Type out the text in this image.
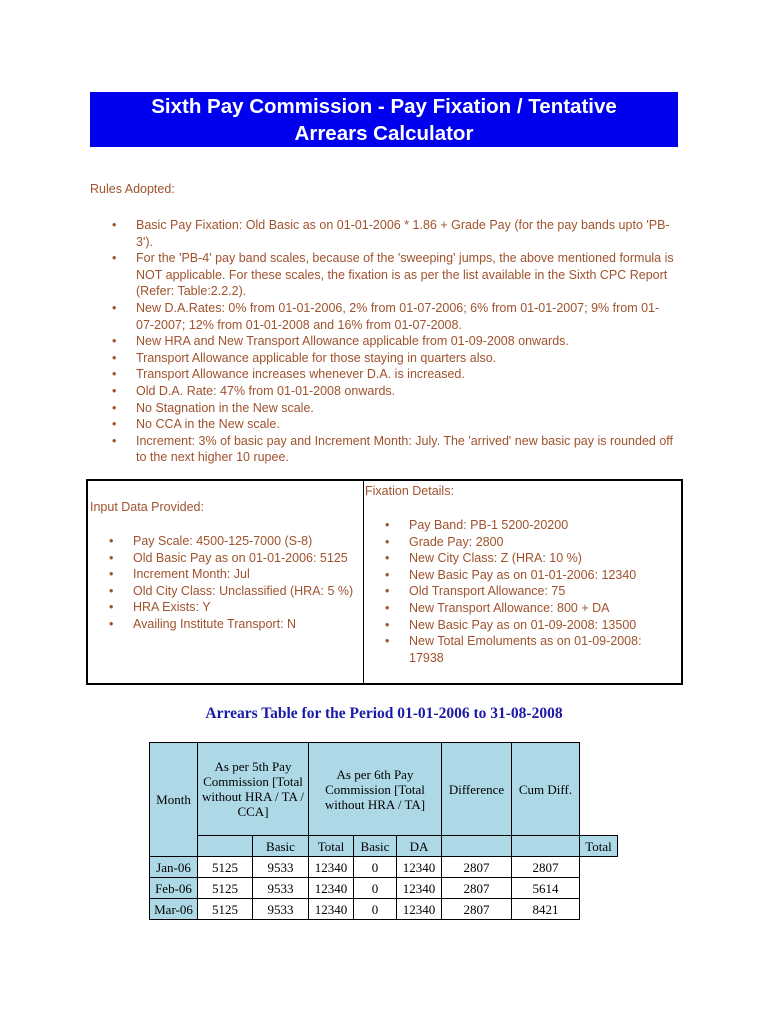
Sixth Pay Commission - Pay Fixation / Tentative
Arrears Calculator
Rules Adopted:
• Basic Pay Fixation: Old Basic as on 01-01-2006 * 1.86 + Grade Pay (for the pay bands upto 'PB-3').
• For the 'PB-4' pay band scales, because of the 'sweeping' jumps, the above mentioned formula is NOT applicable. For these scales, the fixation is as per the list available in the Sixth CPC Report (Refer: Table:2.2.2).
• New D.A.Rates: 0% from 01-01-2006, 2% from 01-07-2006; 6% from 01-01-2007; 9% from 01-07-2007; 12% from 01-01-2008 and 16% from 01-07-2008.
• New HRA and New Transport Allowance applicable from 01-09-2008 onwards.
• Transport Allowance applicable for those staying in quarters also.
• Transport Allowance increases whenever D.A. is increased.
• Old D.A. Rate: 47% from 01-01-2008 onwards.
• No Stagnation in the New scale.
• No CCA in the New scale.
• Increment: 3% of basic pay and Increment Month: July. The 'arrived' new basic pay is rounded off to the next higher 10 rupee.
Input Data Provided:
• Pay Scale: 4500-125-7000 (S-8)
• Old Basic Pay as on 01-01-2006: 5125
• Increment Month: Jul
• Old City Class: Unclassified (HRA: 5 %)
• HRA Exists: Y
• Availing Institute Transport: N
Fixation Details:
• Pay Band: PB-1 5200-20200
• Grade Pay: 2800
• New City Class: Z (HRA: 10 %)
• New Basic Pay as on 01-01-2006: 12340
• Old Transport Allowance: 75
• New Transport Allowance: 800 + DA
• New Basic Pay as on 01-09-2008: 13500
• New Total Emoluments as on 01-09-2008: 17938
Arrears Table for the Period 01-01-2006 to 31-08-2008
Month	As per 5th Pay Commission [Total without HRA / TA / CCA]		As per 6th Pay Commission [Total without HRA / TA]			Difference	Cum Diff.	
		Basic	Total	Basic	DA			Total
Jan-06	5125	9533	12340	0	12340	2807	2807	
Feb-06	5125	9533	12340	0	12340	2807	5614	
Mar-06	5125	9533	12340	0	12340	2807	8421	
